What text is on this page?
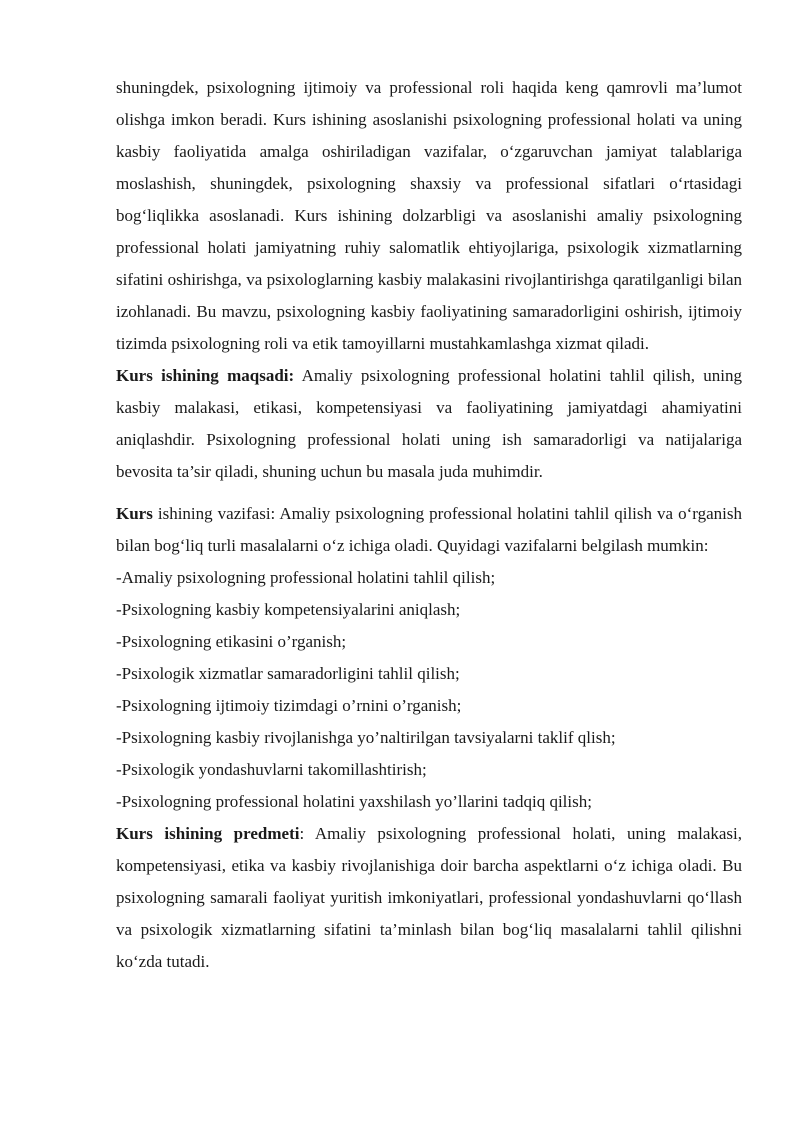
shuningdek, psixologning ijtimoiy va professional roli haqida keng qamrovli ma’lumot olishga imkon beradi. Kurs ishining asoslanishi psixologning professional holati va uning kasbiy faoliyatida amalga oshiriladigan vazifalar, o‘zgaruvchan jamiyat talablariga moslashish, shuningdek, psixologning shaxsiy va professional sifatlari o‘rtasidagi bog‘liqlikka asoslanadi. Kurs ishining dolzarbligi va asoslanishi amaliy psixologning professional holati jamiyatning ruhiy salomatlik ehtiyojlariga, psixologik xizmatlarning sifatini oshirishga, va psixologlarning kasbiy malakasini rivojlantirishga qaratilganligi bilan izohlanadi. Bu mavzu, psixologning kasbiy faoliyatining samaradorligini oshirish, ijtimoiy tizimda psixologning roli va etik tamoyillarni mustahkamlashga xizmat qiladi.

Kurs ishining maqsadi: Amaliy psixologning professional holatini tahlil qilish, uning kasbiy malakasi, etikasi, kompetensiyasi va faoliyatining jamiyatdagi ahamiyatini aniqlashdir. Psixologning professional holati uning ish samaradorligi va natijalariga bevosita ta’sir qiladi, shuning uchun bu masala juda muhimdir.

Kurs ishining vazifasi: Amaliy psixologning professional holatini tahlil qilish va o‘rganish bilan bog‘liq turli masalalarni o‘z ichiga oladi. Quyidagi vazifalarni belgilash mumkin:

-Amaliy psixologning professional holatini tahlil qilish;

-Psixologning kasbiy kompetensiyalarini aniqlash;

-Psixologning etikasini o’rganish;

-Psixologik xizmatlar samaradorligini tahlil qilish;

-Psixologning ijtimoiy tizimdagi o’rnini o’rganish;

-Psixologning kasbiy rivojlanishga yo’naltirilgan tavsiyalarni taklif qlish;

-Psixologik yondashuvlarni takomillashtirish;

-Psixologning professional holatini yaxshilash yo’llarini tadqiq qilish;

Kurs ishining predmeti: Amaliy psixologning professional holati, uning malakasi, kompetensiyasi, etika va kasbiy rivojlanishiga doir barcha aspektlarni o‘z ichiga oladi. Bu psixologning samarali faoliyat yuritish imkoniyatlari, professional yondashuvlarni qo‘llash va psixologik xizmatlarning sifatini ta’minlash bilan bog‘liq masalalarni tahlil qilishni ko‘zda tutadi.
